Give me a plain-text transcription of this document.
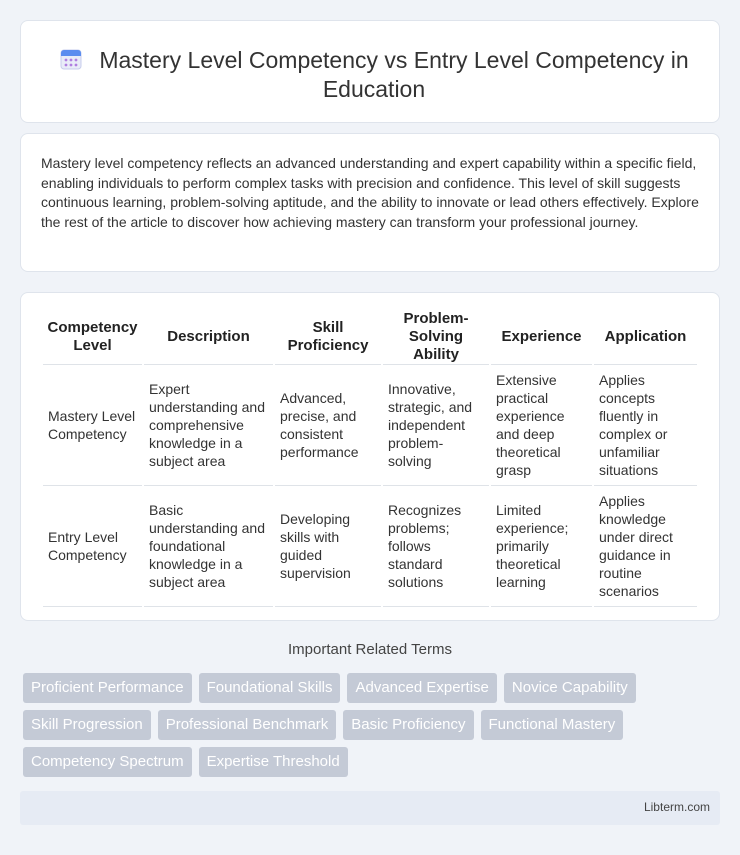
Mastery Level Competency vs Entry Level Competency in Education

Mastery level competency reflects an advanced understanding and expert capability within a specific field, enabling individuals to perform complex tasks with precision and confidence. This level of skill suggests continuous learning, problem-solving aptitude, and the ability to innovate or lead others effectively. Explore the rest of the article to discover how achieving mastery can transform your professional journey.

Competency Level	Description	Skill Proficiency	Problem-Solving Ability	Experience	Application
Mastery Level Competency	Expert understanding and comprehensive knowledge in a subject area	Advanced, precise, and consistent performance	Innovative, strategic, and independent problem-solving	Extensive practical experience and deep theoretical grasp	Applies concepts fluently in complex or unfamiliar situations
Entry Level Competency	Basic understanding and foundational knowledge in a subject area	Developing skills with guided supervision	Recognizes problems; follows standard solutions	Limited experience; primarily theoretical learning	Applies knowledge under direct guidance in routine scenarios
Important Related Terms
Proficient Performance	Foundational Skills	Advanced Expertise	Novice Capability
Skill Progression	Professional Benchmark	Basic Proficiency	Functional Mastery
Competency Spectrum	Expertise Threshold
Libterm.com
